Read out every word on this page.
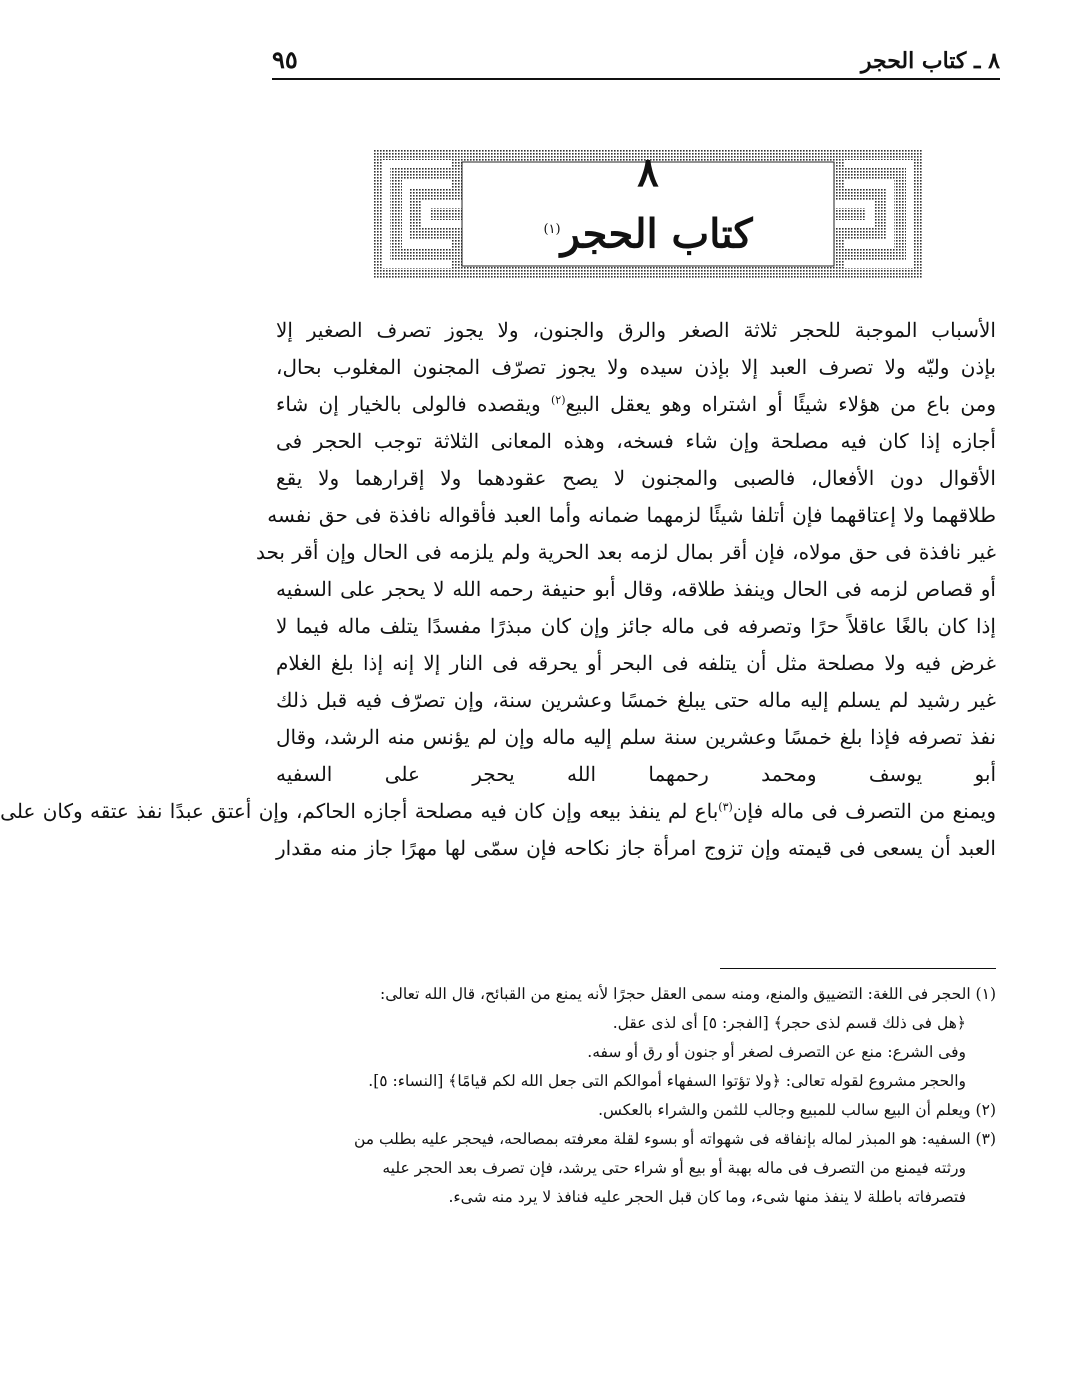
٨ ـ كتاب الحجر
٩٥
٨
كتاب الحجر$^{(١)}$
الأسباب الموجبة للحجر ثلاثة الصغر والرق والجنون، ولا يجوز تصرف الصغير إلا
بإذن وليّه ولا تصرف العبد إلا بإذن سيده ولا يجوز تصرّف المجنون المغلوب بحال،
ومن باع من هؤلاء شيئًا أو اشتراه وهو يعقل البيع$^{(٢)}$ ويقصده فالولى بالخيار إن شاء
أجازه إذا كان فيه مصلحة وإن شاء فسخه، وهذه المعانى الثلاثة توجب الحجر فى
الأقوال دون الأفعال، فالصبى والمجنون لا يصح عقودهما ولا إقرارهما ولا يقع
طلاقهما ولا إعتاقهما فإن أتلفا شيئًا لزمهما ضمانه وأما العبد فأقواله نافذة فى حق نفسه
غير نافذة فى حق مولاه، فإن أقر بمال لزمه بعد الحرية ولم يلزمه فى الحال وإن أقر بحد
أو قصاص لزمه فى الحال وينفذ طلاقه، وقال أبو حنيفة رحمه الله لا يحجر على السفيه
إذا كان بالغًا عاقلاً حرًا وتصرفه فى ماله جائز وإن كان مبذرًا مفسدًا يتلف ماله فيما لا
غرض فيه ولا مصلحة مثل أن يتلفه فى البحر أو يحرقه فى النار إلا إنه إذا بلغ الغلام
غير رشيد لم يسلم إليه ماله حتى يبلغ خمسًا وعشرين سنة، وإن تصرّف فيه قبل ذلك
نفذ تصرفه فإذا بلغ خمسًا وعشرين سنة سلم إليه ماله وإن لم يؤنس منه الرشد، وقال
أبو يوسف ومحمد رحمهما الله يحجر على السفيه
ويمنع من التصرف فى ماله فإن$^{(٣)}$باع لم ينفذ بيعه وإن كان فيه مصلحة أجازه الحاكم، وإن أعتق عبدًا نفذ عتقه وكان على
العبد أن يسعى فى قيمته وإن تزوج امرأة جاز نكاحه فإن سمّى لها مهرًا جاز منه مقدار
(١) الحجر فى اللغة: التضييق والمنع، ومنه سمى العقل حجرًا لأنه يمنع من القبائح، قال الله تعالى:
﴿هل فى ذلك قسم لذى حجر﴾ [الفجر: ٥] أى لذى عقل.
وفى الشرع: منع عن التصرف لصغر أو جنون أو رق أو سفه.
والحجر مشروع لقوله تعالى: ﴿ولا تؤتوا السفهاء أموالكم التى جعل الله لكم قيامًا﴾ [النساء: ٥].
(٢) ويعلم أن البيع سالب للمبيع وجالب للثمن والشراء بالعكس.
(٣) السفيه: هو المبذر لماله بإنفاقه فى شهواته أو بسوء لقلة معرفته بمصالحه، فيحجر عليه بطلب من
ورثته فيمنع من التصرف فى ماله بهبة أو بيع أو شراء حتى يرشد، فإن تصرف بعد الحجر عليه
فتصرفاته باطلة لا ينفذ منها شىء، وما كان قبل الحجر عليه فنافذ لا يرد منه شىء.
